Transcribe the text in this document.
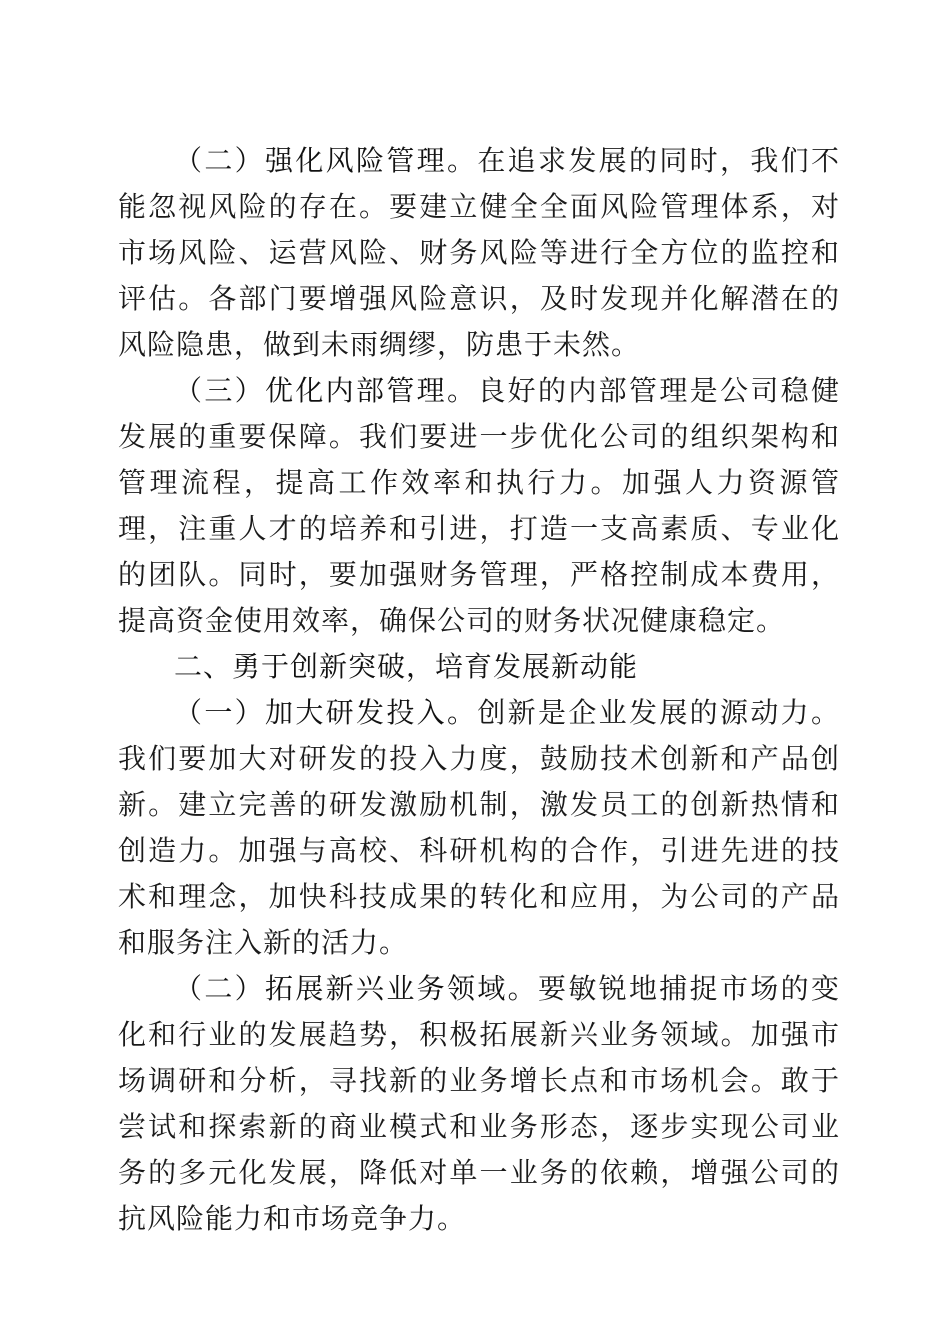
（二）强化风险管理。在追求发展的同时，我们不能忽视风险的存在。要建立健全全面风险管理体系，对市场风险、运营风险、财务风险等进行全方位的监控和评估。各部门要增强风险意识，及时发现并化解潜在的风险隐患，做到未雨绸缪，防患于未然。

（三）优化内部管理。良好的内部管理是公司稳健发展的重要保障。我们要进一步优化公司的组织架构和管理流程，提高工作效率和执行力。加强人力资源管理，注重人才的培养和引进，打造一支高素质、专业化的团队。同时，要加强财务管理，严格控制成本费用，提高资金使用效率，确保公司的财务状况健康稳定。

二、勇于创新突破，培育发展新动能

（一）加大研发投入。创新是企业发展的源动力。我们要加大对研发的投入力度，鼓励技术创新和产品创新。建立完善的研发激励机制，激发员工的创新热情和创造力。加强与高校、科研机构的合作，引进先进的技术和理念，加快科技成果的转化和应用，为公司的产品和服务注入新的活力。

（二）拓展新兴业务领域。要敏锐地捕捉市场的变化和行业的发展趋势，积极拓展新兴业务领域。加强市场调研和分析，寻找新的业务增长点和市场机会。敢于尝试和探索新的商业模式和业务形态，逐步实现公司业务的多元化发展，降低对单一业务的依赖，增强公司的抗风险能力和市场竞争力。
